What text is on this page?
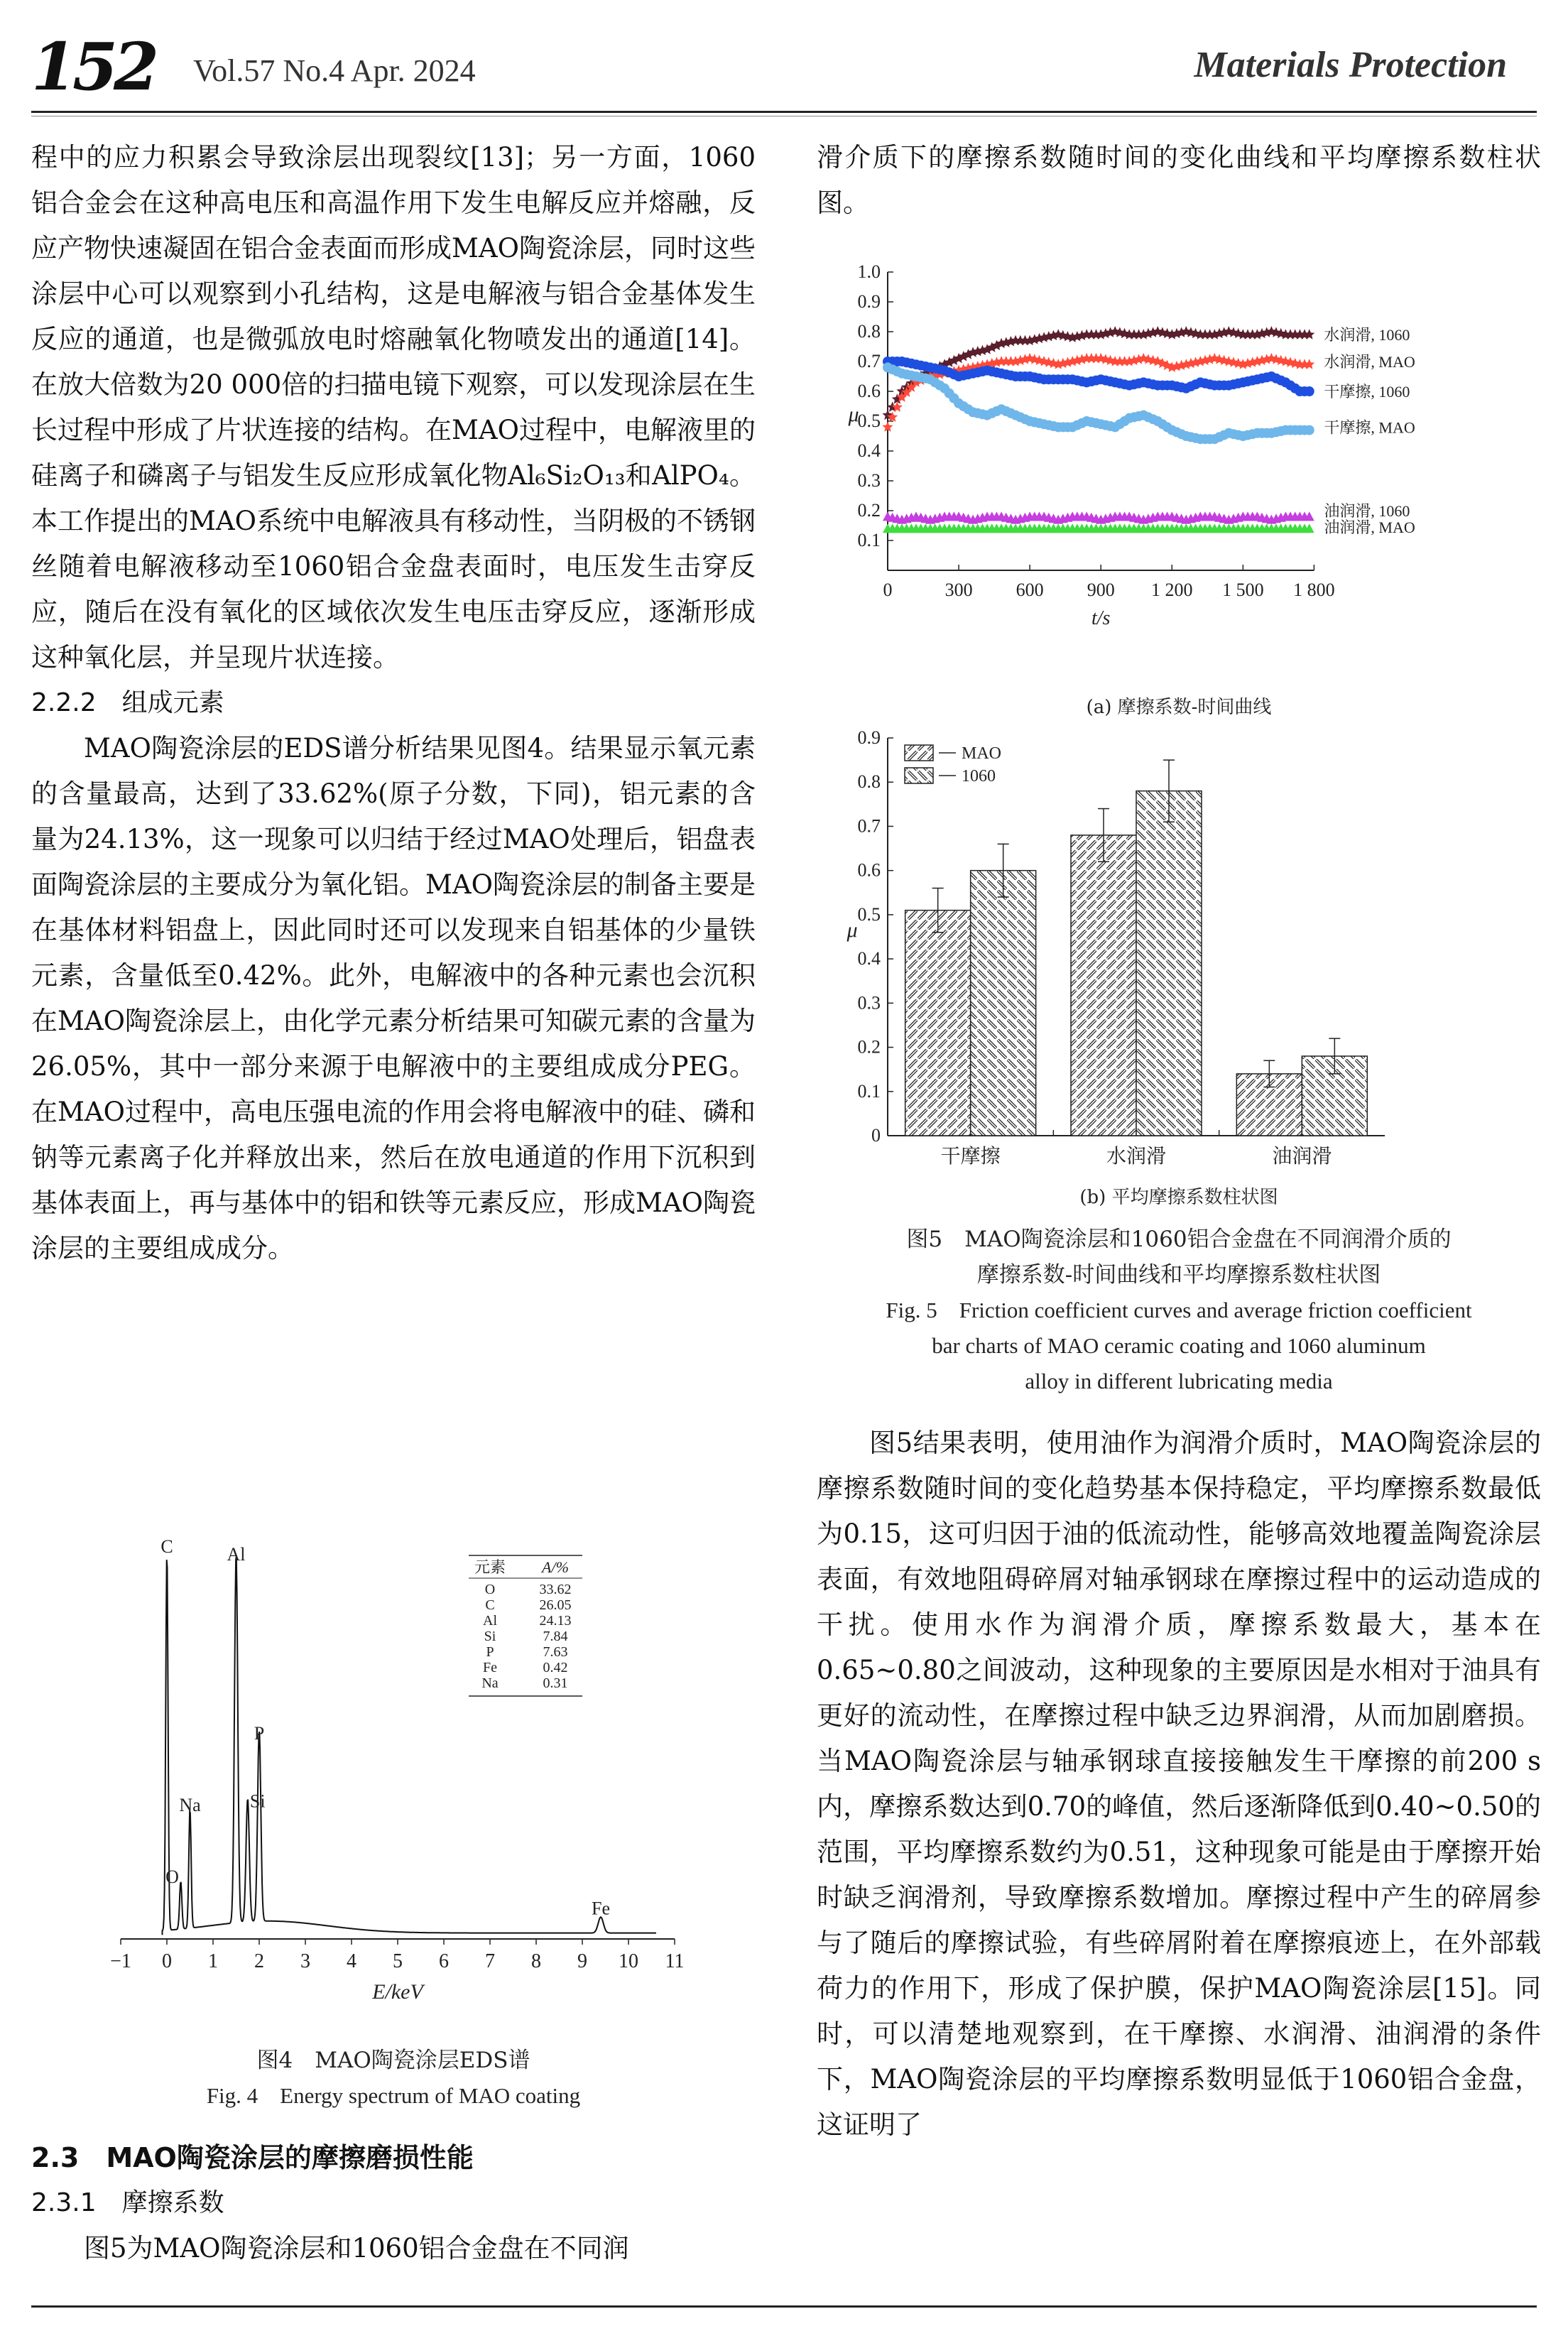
152 Vol.57 No.4 Apr. 2024	Materials Protection

程中的应力积累会导致涂层出现裂纹[13]；另一方面，1060铝合金会在这种高电压和高温作用下发生电解反应并熔融，反应产物快速凝固在铝合金表面而形成MAO陶瓷涂层，同时这些涂层中心可以观察到小孔结构，这是电解液与铝合金基体发生反应的通道，也是微弧放电时熔融氧化物喷发出的通道[14]。在放大倍数为20 000倍的扫描电镜下观察，可以发现涂层在生长过程中形成了片状连接的结构。在MAO过程中，电解液里的硅离子和磷离子与铝发生反应形成氧化物Al₆Si₂O₁₃和AlPO₄。本工作提出的MAO系统中电解液具有移动性，当阴极的不锈钢丝随着电解液移动至1060铝合金盘表面时，电压发生击穿反应，随后在没有氧化的区域依次发生电压击穿反应，逐渐形成这种氧化层，并呈现片状连接。

2.2.2　组成元素

MAO陶瓷涂层的EDS谱分析结果见图4。结果显示氧元素的含量最高，达到了33.62%(原子分数，下同)，铝元素的含量为24.13%，这一现象可以归结于经过MAO处理后，铝盘表面陶瓷涂层的主要成分为氧化铝。MAO陶瓷涂层的制备主要是在基体材料铝盘上，因此同时还可以发现来自铝基体的少量铁元素，含量低至0.42%。此外，电解液中的各种元素也会沉积在MAO陶瓷涂层上，由化学元素分析结果可知碳元素的含量为26.05%，其中一部分来源于电解液中的主要组成成分PEG。在MAO过程中，高电压强电流的作用会将电解液中的硅、磷和钠等元素离子化并释放出来，然后在放电通道的作用下沉积到基体表面上，再与基体中的铝和铁等元素反应，形成MAO陶瓷涂层的主要组成成分。

−1 0 1 2 3 4 5 6 7 8 9 10 11
E/keV
C
O
Na
Al
Si
P
Fe
元素 A/%
O	33.62
C	26.05
Al	24.13
Si	7.84
P	7.63
Fe	0.42
Na	0.31
图4　MAO陶瓷涂层EDS谱
Fig. 4　Energy spectrum of MAO coating

2.3　MAO陶瓷涂层的摩擦磨损性能

2.3.1　摩擦系数

图5为MAO陶瓷涂层和1060铝合金盘在不同润

滑介质下的摩擦系数随时间的变化曲线和平均摩擦系数柱状图。

0.1
0.2
0.3
0.4
0.5
0.6
0.7
0.8
0.9
1.0
0	300 600 900 1 200 1 500 1 800
t/s
μ
水润滑, 1060
水润滑, MAO
干摩擦, 1060
干摩擦, MAO
油润滑, 1060
油润滑, MAO
(a) 摩擦系数-时间曲线
0
0.1
0.2
0.3
0.4
0.5
0.6
0.7
0.8
0.9
μ
干摩擦	水润滑	油润滑
MAO
1060
(b) 平均摩擦系数柱状图
图5　MAO陶瓷涂层和1060铝合金盘在不同润滑介质的
摩擦系数-时间曲线和平均摩擦系数柱状图
Fig. 5　Friction coefficient curves and average friction coefficient
bar charts of MAO ceramic coating and 1060 aluminum
alloy in different lubricating media

图5结果表明，使用油作为润滑介质时，MAO陶瓷涂层的摩擦系数随时间的变化趋势基本保持稳定，平均摩擦系数最低为0.15，这可归因于油的低流动性，能够高效地覆盖陶瓷涂层表面，有效地阻碍碎屑对轴承钢球在摩擦过程中的运动造成的干扰。使用水作为润滑介质，摩擦系数最大，基本在0.65~0.80之间波动，这种现象的主要原因是水相对于油具有更好的流动性，在摩擦过程中缺乏边界润滑，从而加剧磨损。当MAO陶瓷涂层与轴承钢球直接接触发生干摩擦的前200 s内，摩擦系数达到0.70的峰值，然后逐渐降低到0.40~0.50的范围，平均摩擦系数约为0.51，这种现象可能是由于摩擦开始时缺乏润滑剂，导致摩擦系数增加。摩擦过程中产生的碎屑参与了随后的摩擦试验，有些碎屑附着在摩擦痕迹上，在外部载荷力的作用下，形成了保护膜，保护MAO陶瓷涂层[15]。同时，可以清楚地观察到，在干摩擦、水润滑、油润滑的条件下，MAO陶瓷涂层的平均摩擦系数明显低于1060铝合金盘，这证明了
